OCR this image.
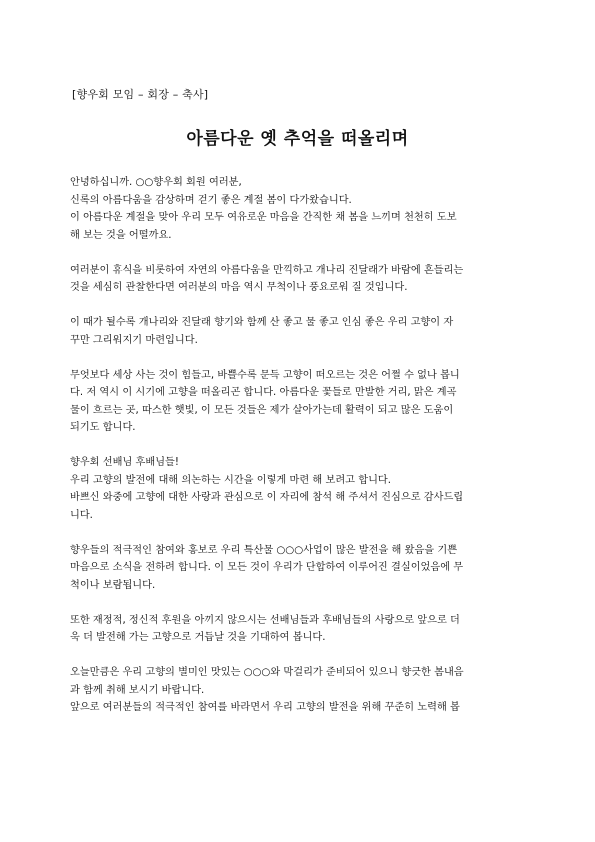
[향우회 모임 – 회장 – 축사]
아름다운 옛 추억을 떠올리며
안녕하십니까. ○○향우회 회원 여러분,
신록의 아름다움을 감상하며 걷기 좋은 계절 봄이 다가왔습니다.
이 아름다운 계절을 맞아 우리 모두 여유로운 마음을 간직한 채 봄을 느끼며 천천히 도보
해 보는 것을 어떨까요.
여러분이 휴식을 비롯하여 자연의 아름다움을 만끽하고 개나리 진달래가 바람에 흔들리는
것을 세심히 관찰한다면 여러분의 마음 역시 무척이나 풍요로워 질 것입니다.
이 때가 될수록 개나리와 진달래 향기와 함께 산 좋고 물 좋고 인심 좋은 우리 고향이 자
꾸만 그리워지기 마련입니다.
무엇보다 세상 사는 것이 힘들고, 바쁠수록 문득 고향이 떠오르는 것은 어쩔 수 없나 봅니
다. 저 역시 이 시기에 고향을 떠올리곤 합니다. 아름다운 꽃들로 만발한 거리, 맑은 계곡
물이 흐르는 곳, 따스한 햇빛, 이 모든 것들은 제가 살아가는데 활력이 되고 많은 도움이
되기도 합니다.
향우회 선배님 후배님들!
우리 고향의 발전에 대해 의논하는 시간을 이렇게 마련 해 보려고 합니다.
바쁘신 와중에 고향에 대한 사랑과 관심으로 이 자리에 참석 해 주셔서 진심으로 감사드립
니다.
향우들의 적극적인 참여와 홍보로 우리 특산물 ○○○사업이 많은 발전을 해 왔음을 기쁜
마음으로 소식을 전하려 합니다. 이 모든 것이 우리가 단합하여 이루어진 결실이었음에 무
척이나 보람됩니다.
또한 재정적, 정신적 후원을 아끼지 않으시는 선배님들과 후배님들의 사랑으로 앞으로 더
욱 더 발전해 가는 고향으로 거듭날 것을 기대하여 봅니다.
오늘만큼은 우리 고향의 별미인 맛있는 ○○○와 막걸리가 준비되어 있으니 향긋한 봄내음
과 함께 취해 보시기 바랍니다.
앞으로 여러분들의 적극적인 참여를 바라면서 우리 고향의 발전을 위해 꾸준히 노력해 봅
